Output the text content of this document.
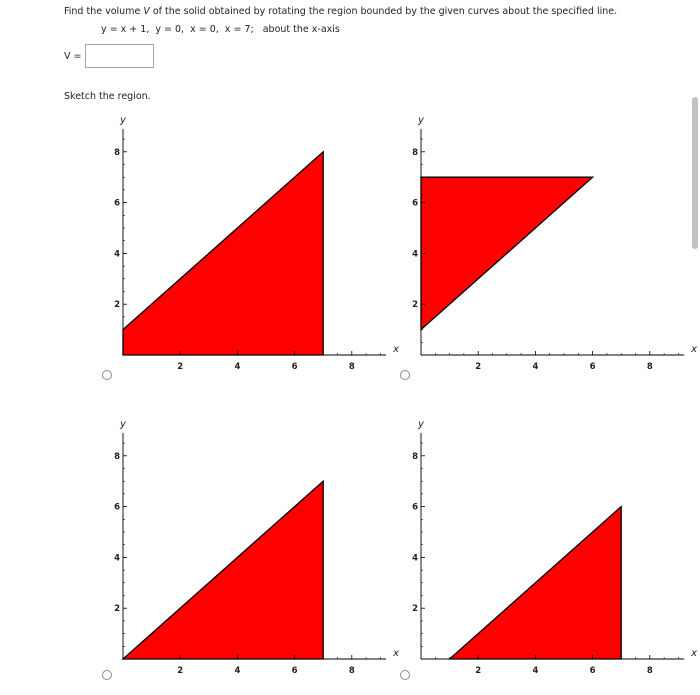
Find the volume V of the solid obtained by rotating the region bounded by the given curves about the specified line.
y = x + 1,  y = 0,  x = 0,  x = 7; about the x-axis
V =
Sketch the region.
2	4	6	8
2
4
6
8
x
y
2	4	6	8
2
4
6
8
x
y
2	4	6	8
2
4
6
8
x
y
2	4	6	8
2
4
6
8
x
y
